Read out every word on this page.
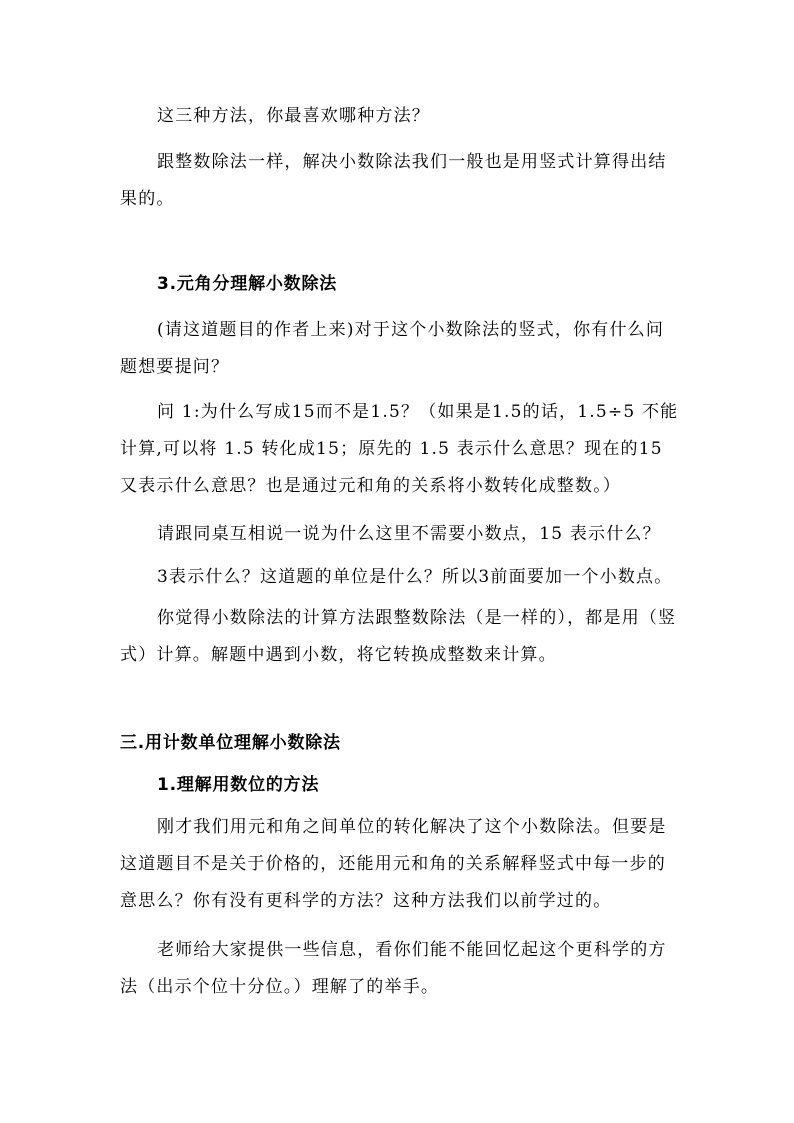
这三种方法，你最喜欢哪种方法？
跟整数除法一样，解决小数除法我们一般也是用竖式计算得出结果的。
3.元角分理解小数除法
(请这道题目的作者上来)对于这个小数除法的竖式，你有什么问题想要提问？
问 1:为什么写成15而不是1.5？（如果是1.5的话，1.5÷5 不能计算,可以将 1.5 转化成15；原先的 1.5 表示什么意思？现在的15又表示什么意思？也是通过元和角的关系将小数转化成整数。）
请跟同桌互相说一说为什么这里不需要小数点，15 表示什么？
3表示什么？这道题的单位是什么？所以3前面要加一个小数点。
你觉得小数除法的计算方法跟整数除法（是一样的），都是用（竖式）计算。解题中遇到小数，将它转换成整数来计算。
三.用计数单位理解小数除法
1.理解用数位的方法
刚才我们用元和角之间单位的转化解决了这个小数除法。但要是这道题目不是关于价格的，还能用元和角的关系解释竖式中每一步的意思么？你有没有更科学的方法？这种方法我们以前学过的。
老师给大家提供一些信息，看你们能不能回忆起这个更科学的方法（出示个位十分位。）理解了的举手。
